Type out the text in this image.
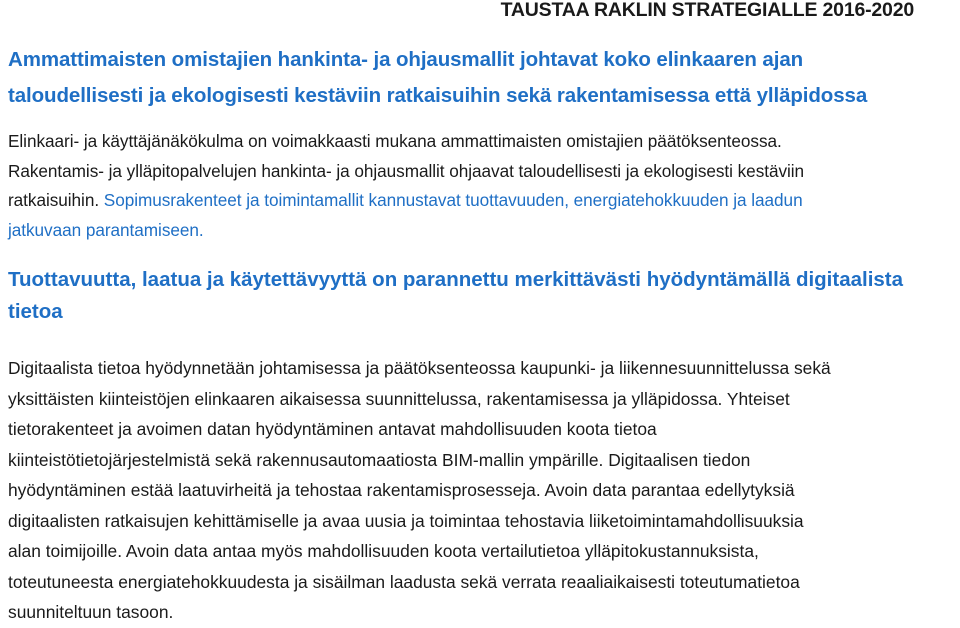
TAUSTAA RAKLIN STRATEGIALLE 2016-2020
Ammattimaisten omistajien hankinta- ja ohjausmallit johtavat koko elinkaaren ajan
taloudellisesti ja ekologisesti kestäviin ratkaisuihin sekä rakentamisessa että ylläpidossa
Elinkaari- ja käyttäjänäkökulma on voimakkaasti mukana ammattimaisten omistajien päätöksenteossa.
Rakentamis- ja ylläpitopalvelujen hankinta- ja ohjausmallit ohjaavat taloudellisesti ja ekologisesti kestäviin
ratkaisuihin. Sopimusrakenteet ja toimintamallit kannustavat tuottavuuden, energiatehokkuuden ja laadun
jatkuvaan parantamiseen.
Tuottavuutta, laatua ja käytettävyyttä on parannettu merkittävästi hyödyntämällä digitaalista
tietoa
Digitaalista tietoa hyödynnetään johtamisessa ja päätöksenteossa kaupunki- ja liikennesuunnittelussa sekä
yksittäisten kiinteistöjen elinkaaren aikaisessa suunnittelussa, rakentamisessa ja ylläpidossa. Yhteiset
tietorakenteet ja avoimen datan hyödyntäminen antavat mahdollisuuden koota tietoa
kiinteistötietojärjestelmistä sekä rakennusautomaatiosta BIM-mallin ympärille. Digitaalisen tiedon
hyödyntäminen estää laatuvirheitä ja tehostaa rakentamisprosesseja. Avoin data parantaa edellytyksiä
digitaalisten ratkaisujen kehittämiselle ja avaa uusia ja toimintaa tehostavia liiketoimintamahdollisuuksia
alan toimijoille. Avoin data antaa myös mahdollisuuden koota vertailutietoa ylläpitokustannuksista,
toteutuneesta energiatehokkuudesta ja sisäilman laadusta sekä verrata reaaliaikaisesti toteutumatietoa
suunniteltuun tasoon.
